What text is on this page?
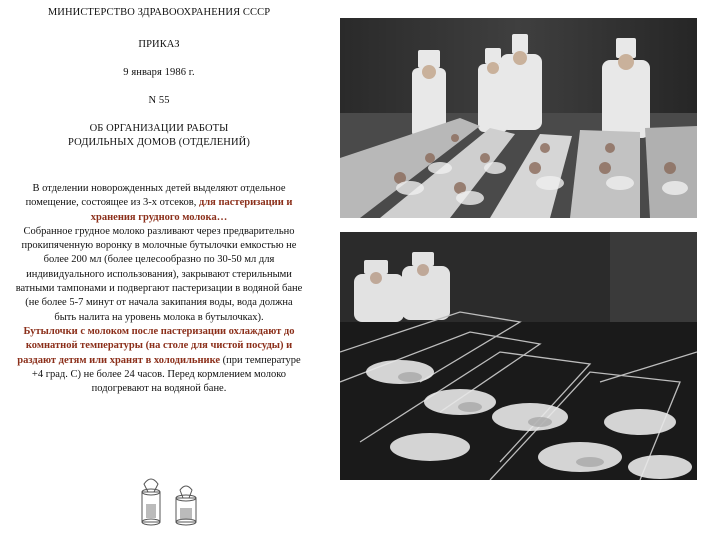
МИНИСТЕРСТВО ЗДРАВООХРАНЕНИЯ СССР
ПРИКАЗ
9 января 1986 г.
N 55
ОБ ОРГАНИЗАЦИИ РАБОТЫ
РОДИЛЬНЫХ ДОМОВ (ОТДЕЛЕНИЙ)

В отделении новорожденных детей выделяют отдельное помещение, состоящее из 3-х отсеков, для пастеризации и хранения грудного молока…

Собранное грудное молоко разливают через предварительно прокипяченную воронку в молочные бутылочки емкостью не более 200 мл (более целесообразно по 30-50 мл для индивидуального использования), закрывают стерильными ватными тампонами и подвергают пастеризации в водяной бане (не более 5-7 минут от начала закипания воды, вода должна быть налита на уровень молока в бутылочках).

Бутылочки с молоком после пастеризации охлаждают до комнатной температуры (на столе для чистой посуды) и раздают детям или хранят в холодильнике (при температуре +4 град. С) не более 24 часов. Перед кормлением молоко подогревают на водяной бане.
